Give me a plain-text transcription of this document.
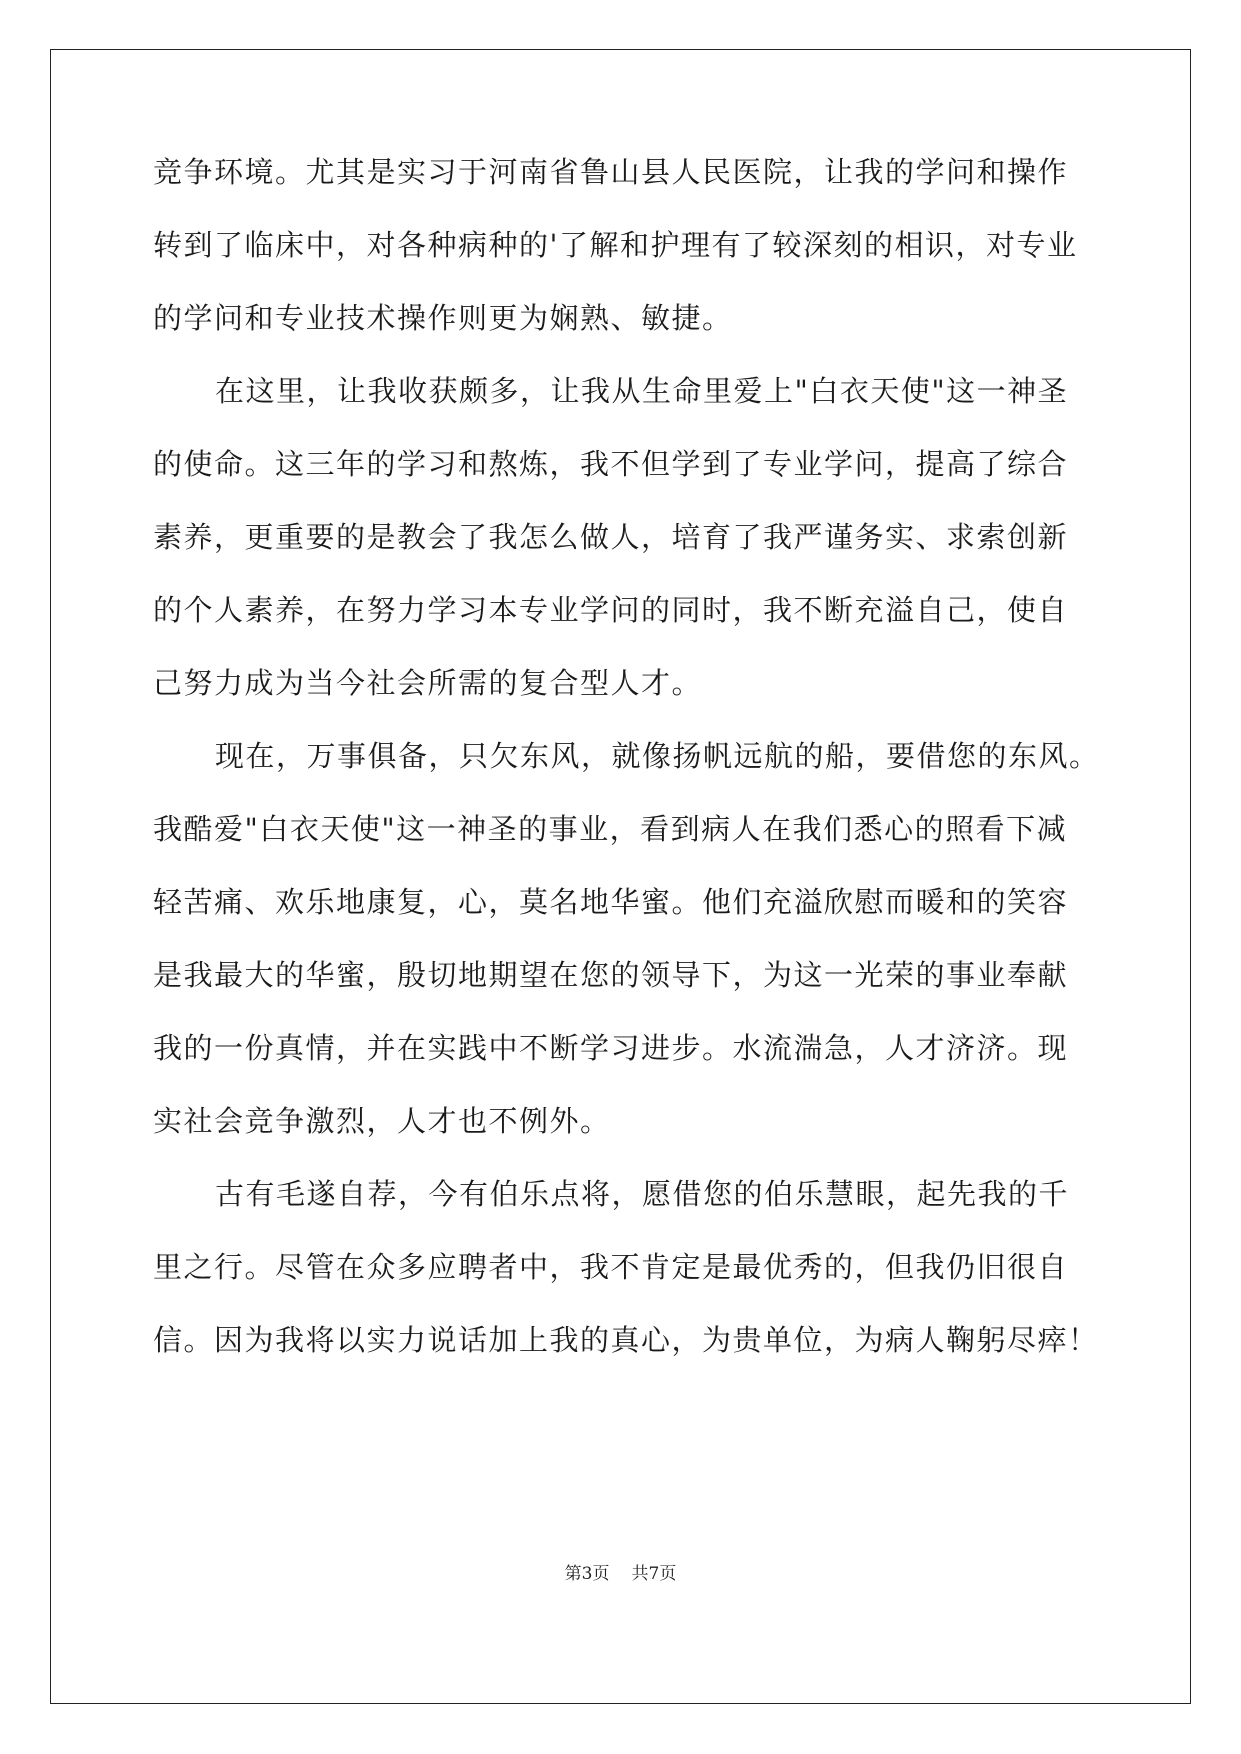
竞争环境。尤其是实习于河南省鲁山县人民医院，让我的学问和操作
转到了临床中，对各种病种的'了解和护理有了较深刻的相识，对专业
的学问和专业技术操作则更为娴熟、敏捷。
在这里，让我收获颇多，让我从生命里爱上"白衣天使"这一神圣
的使命。这三年的学习和熬炼，我不但学到了专业学问，提高了综合
素养，更重要的是教会了我怎么做人，培育了我严谨务实、求索创新
的个人素养，在努力学习本专业学问的同时，我不断充溢自己，使自
己努力成为当今社会所需的复合型人才。
现在，万事俱备，只欠东风，就像扬帆远航的船，要借您的东风。
我酷爱"白衣天使"这一神圣的事业，看到病人在我们悉心的照看下减
轻苦痛、欢乐地康复，心，莫名地华蜜。他们充溢欣慰而暖和的笑容
是我最大的华蜜，殷切地期望在您的领导下，为这一光荣的事业奉献
我的一份真情，并在实践中不断学习进步。水流湍急，人才济济。现
实社会竞争激烈，人才也不例外。
古有毛遂自荐，今有伯乐点将，愿借您的伯乐慧眼，起先我的千
里之行。尽管在众多应聘者中，我不肯定是最优秀的，但我仍旧很自
信。因为我将以实力说话加上我的真心，为贵单位，为病人鞠躬尽瘁！
第3页 共7页
